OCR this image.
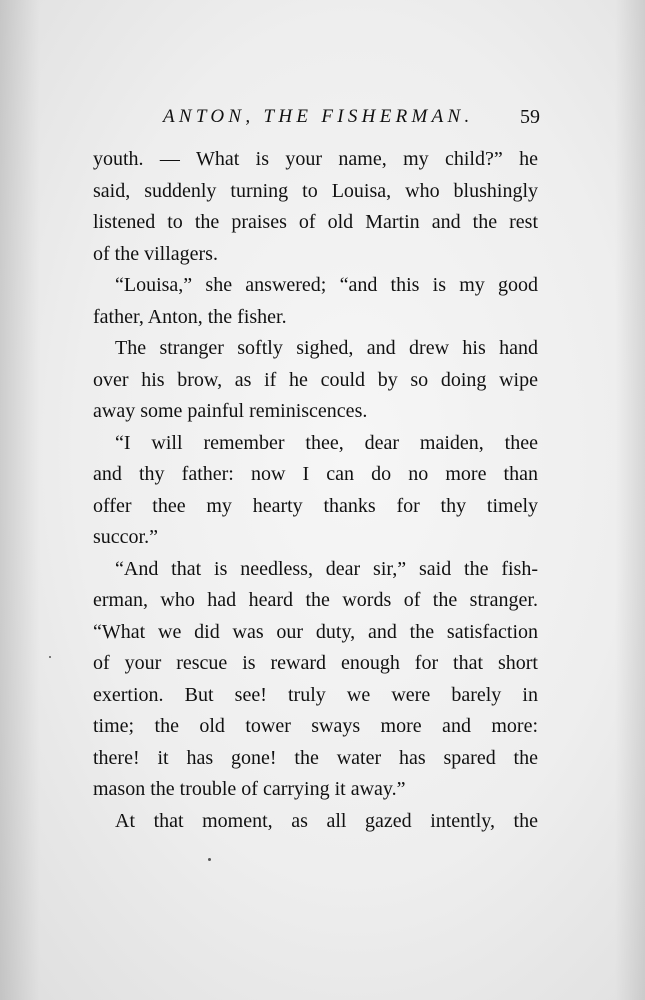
ANTON, THE FISHERMAN. 59
youth. — What is your name, my child?” he
said, suddenly turning to Louisa, who blushingly
listened to the praises of old Martin and the rest
of the villagers.
“Louisa,” she answered; “and this is my good
father, Anton, the fisher.
The stranger softly sighed, and drew his hand
over his brow, as if he could by so doing wipe
away some painful reminiscences.
“I will remember thee, dear maiden, thee
and thy father: now I can do no more than
offer thee my hearty thanks for thy timely
succor.”
“And that is needless, dear sir,” said the fish-
erman, who had heard the words of the stranger.
“What we did was our duty, and the satisfaction
of your rescue is reward enough for that short
exertion. But see! truly we were barely in
time; the old tower sways more and more:
there! it has gone! the water has spared the
mason the trouble of carrying it away.”
At that moment, as all gazed intently, the
